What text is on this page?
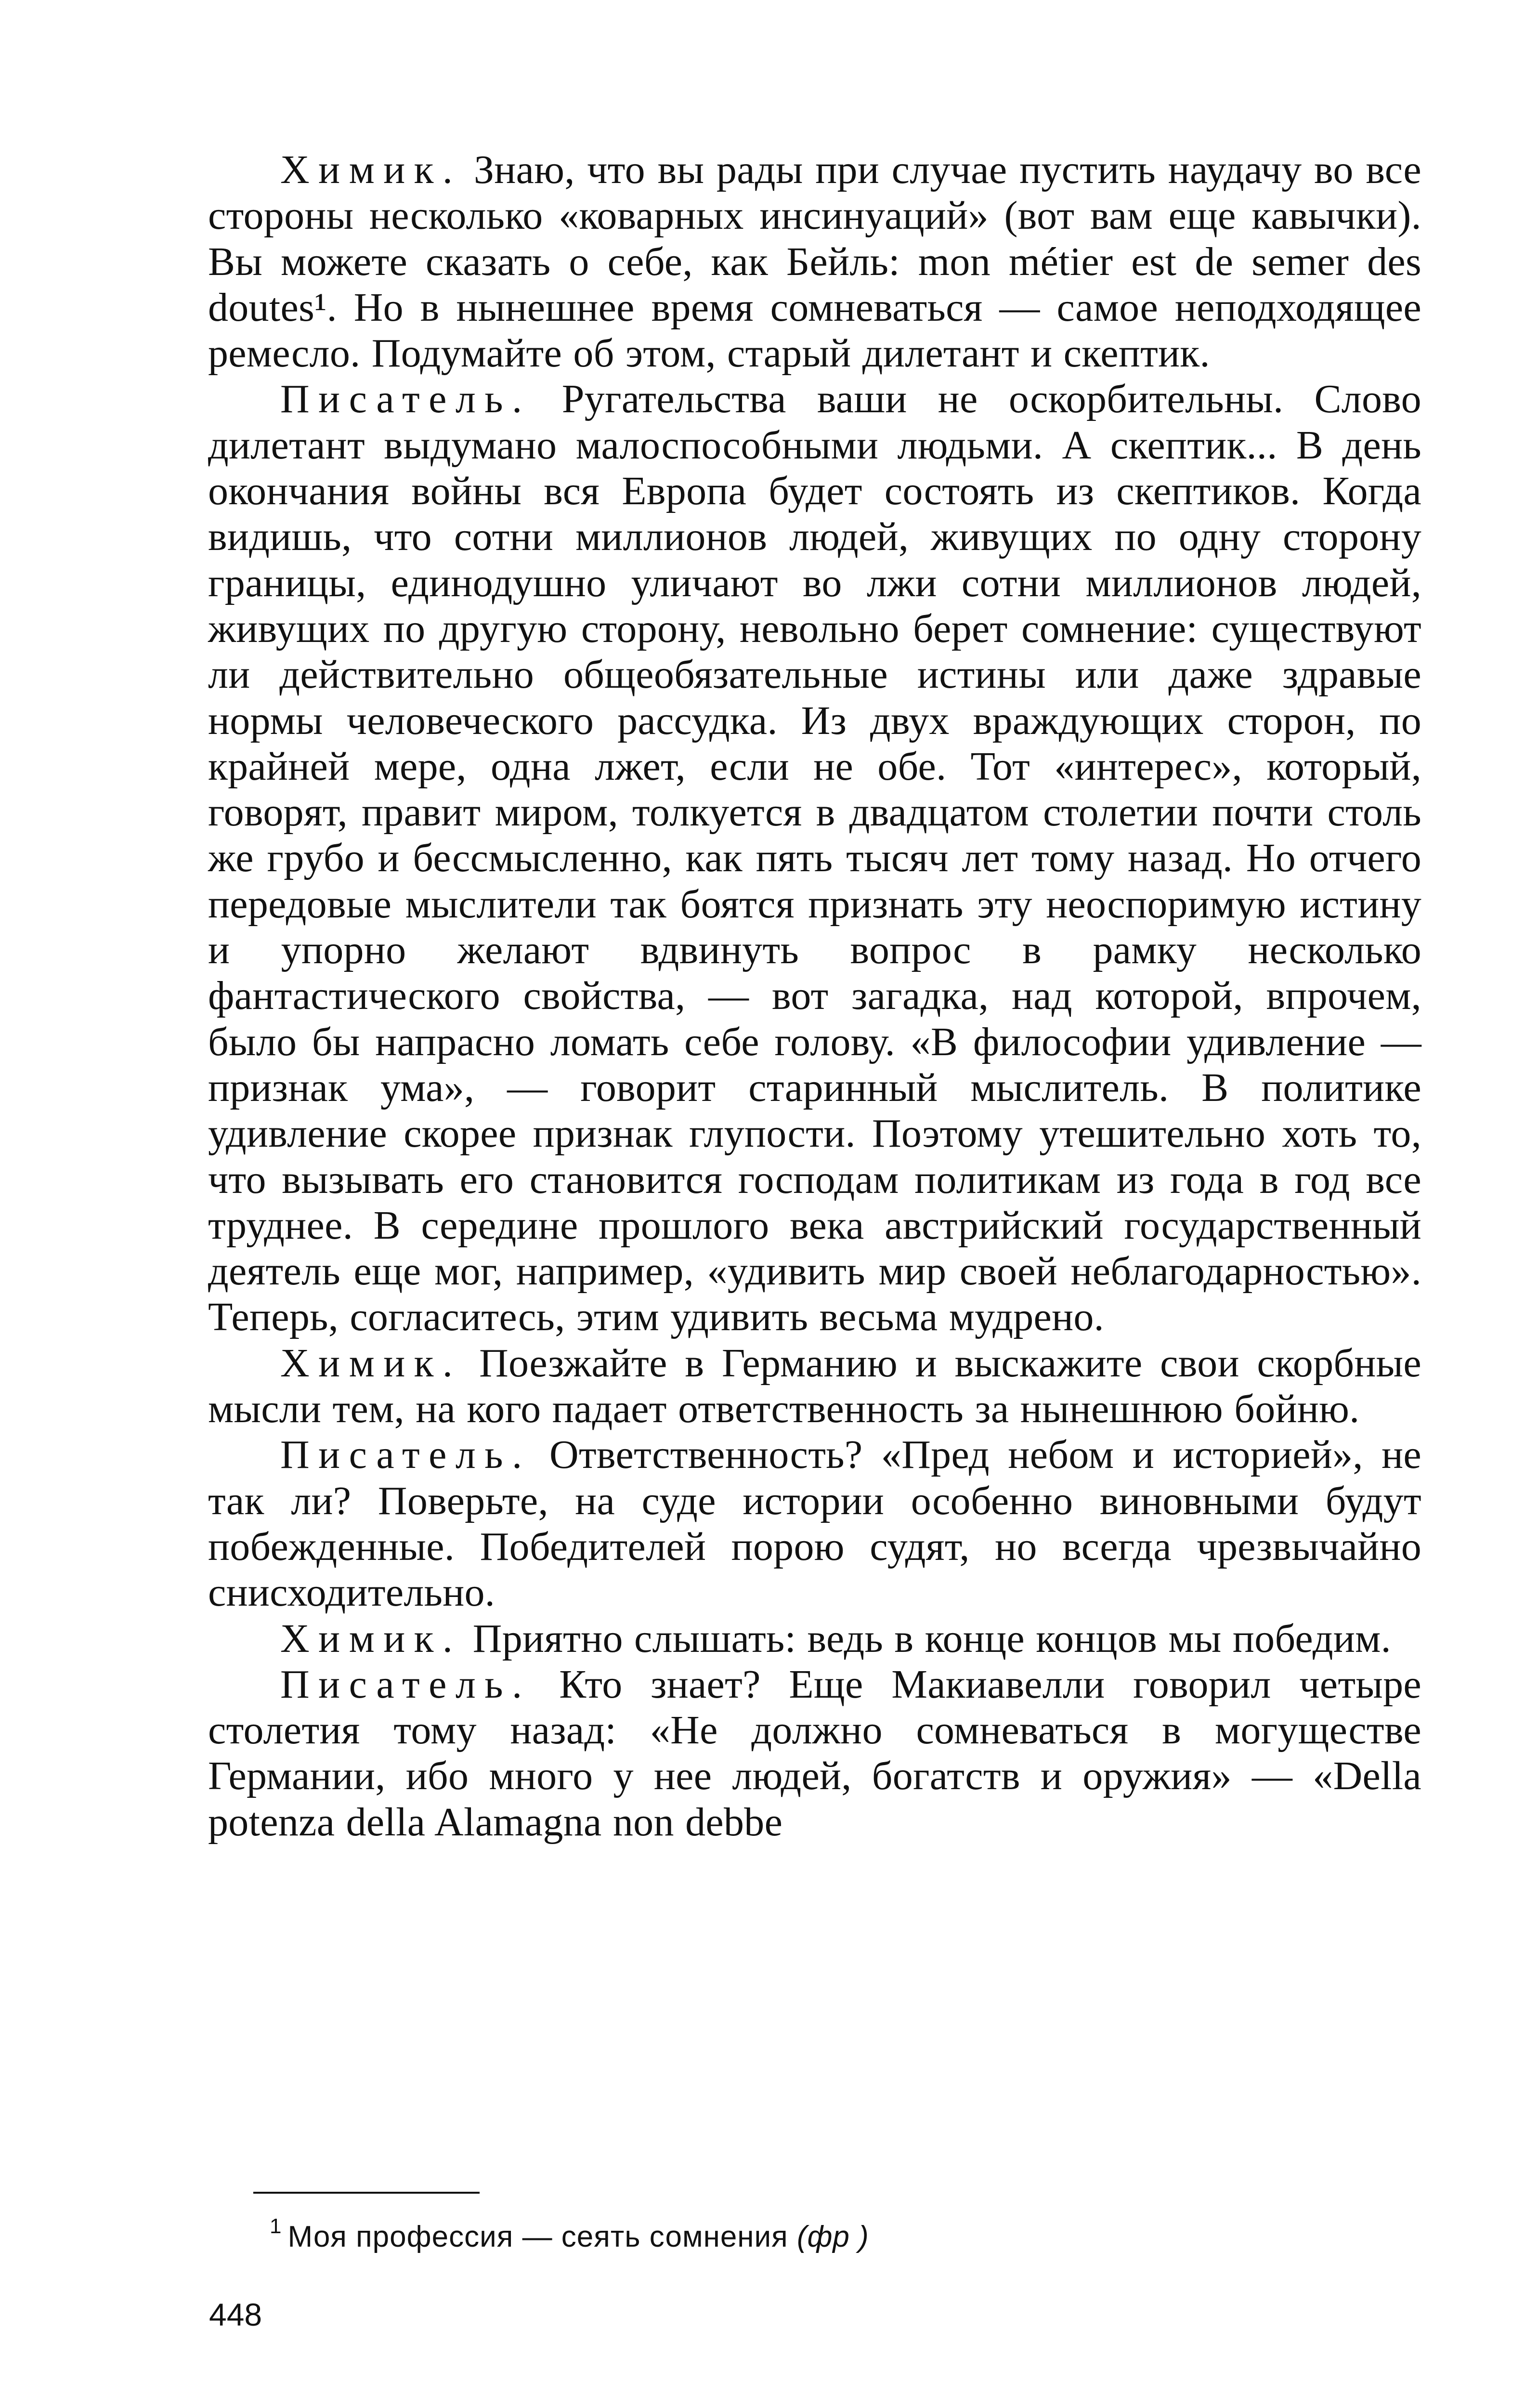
Химик. Знаю, что вы рады при случае пустить наудачу во все стороны несколько «коварных инсинуаций» (вот вам еще кавычки). Вы можете сказать о себе, как Бейль: mon métier est de semer des doutes¹. Но в нынешнее время сомневаться — самое неподходящее ремесло. Подумайте об этом, старый дилетант и скептик.

Писатель. Ругательства ваши не оскорбительны. Слово дилетант выдумано малоспособными людьми. А скептик... В день окончания войны вся Европа будет состоять из скептиков. Когда видишь, что сотни миллионов людей, живущих по одну сторону границы, единодушно уличают во лжи сотни миллионов людей, живущих по другую сторону, невольно берет сомнение: существуют ли действительно общеобязательные истины или даже здравые нормы человеческого рассудка. Из двух враждующих сторон, по крайней мере, одна лжет, если не обе. Тот «интерес», который, говорят, правит миром, толкуется в двадцатом столетии почти столь же грубо и бессмысленно, как пять тысяч лет тому назад. Но отчего передовые мыслители так боятся признать эту неоспоримую истину и упорно желают вдвинуть вопрос в рамку несколько фантастического свойства, — вот загадка, над которой, впрочем, было бы напрасно ломать себе голову. «В философии удивление — признак ума», — говорит старинный мыслитель. В политике удивление скорее признак глупости. Поэтому утешительно хоть то, что вызывать его становится господам политикам из года в год все труднее. В середине прошлого века австрийский государственный деятель еще мог, например, «удивить мир своей неблагодарностью». Теперь, согласитесь, этим удивить весьма мудрено.

Химик. Поезжайте в Германию и выскажите свои скорбные мысли тем, на кого падает ответственность за нынешнюю бойню.

Писатель. Ответственность? «Пред небом и историей», не так ли? Поверьте, на суде истории особенно виновными будут побежденные. Победителей порою судят, но всегда чрезвычайно снисходительно.

Химик. Приятно слышать: ведь в конце концов мы победим.

Писатель. Кто знает? Еще Макиавелли говорил четыре столетия тому назад: «Не должно сомневаться в могуществе Германии, ибо много у нее людей, богатств и оружия» — «Della potenza della Alamagna non debbe

$^1$ Моя профессия — сеять сомнения (фр )
448
